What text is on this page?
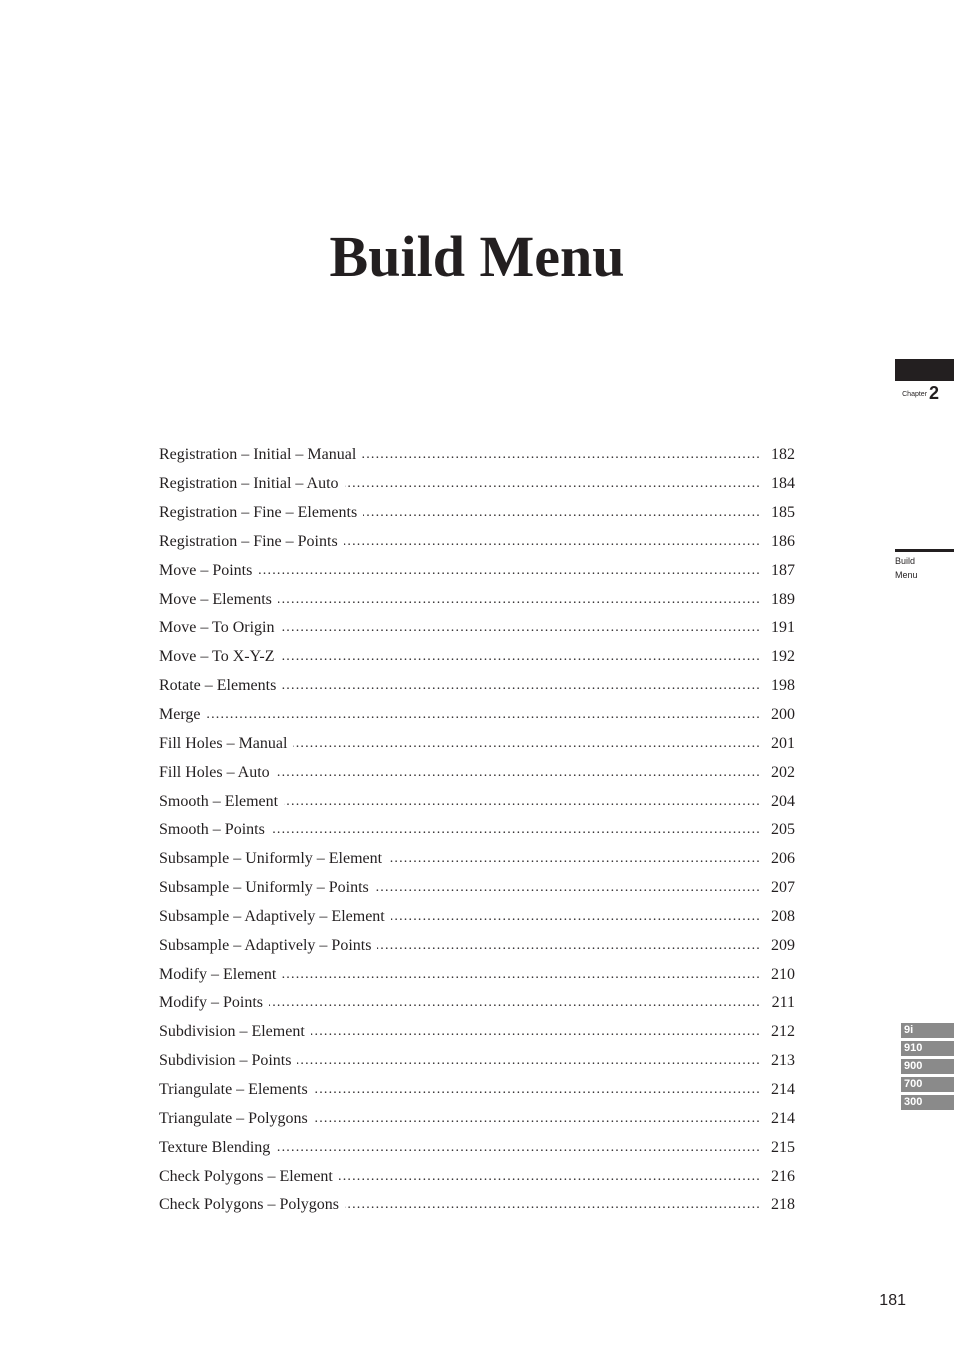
Build Menu
Chapter 2
Build
Menu
Registration – Initial – Manual .....	182
Registration – Initial – Auto .....	184
Registration – Fine – Elements .....	185
Registration – Fine – Points .....	186
Move – Points .....	187
Move – Elements .....	189
Move – To Origin .....	191
Move – To X-Y-Z .....	192
Rotate – Elements .....	198
Merge .....	200
Fill Holes – Manual .....	201
Fill Holes – Auto .....	202
Smooth – Element .....	204
Smooth – Points .....	205
Subsample – Uniformly – Element .....	206
Subsample – Uniformly – Points .....	207
Subsample – Adaptively – Element .....	208
Subsample – Adaptively – Points .....	209
Modify – Element .....	210
Modify – Points .....	211
Subdivision – Element .....	212
Subdivision – Points .....	213
Triangulate – Elements .....	214
Triangulate – Polygons .....	214
Texture Blending .....	215
Check Polygons – Element .....	216
Check Polygons – Polygons .....	218
9i
910
900
700
300
181
